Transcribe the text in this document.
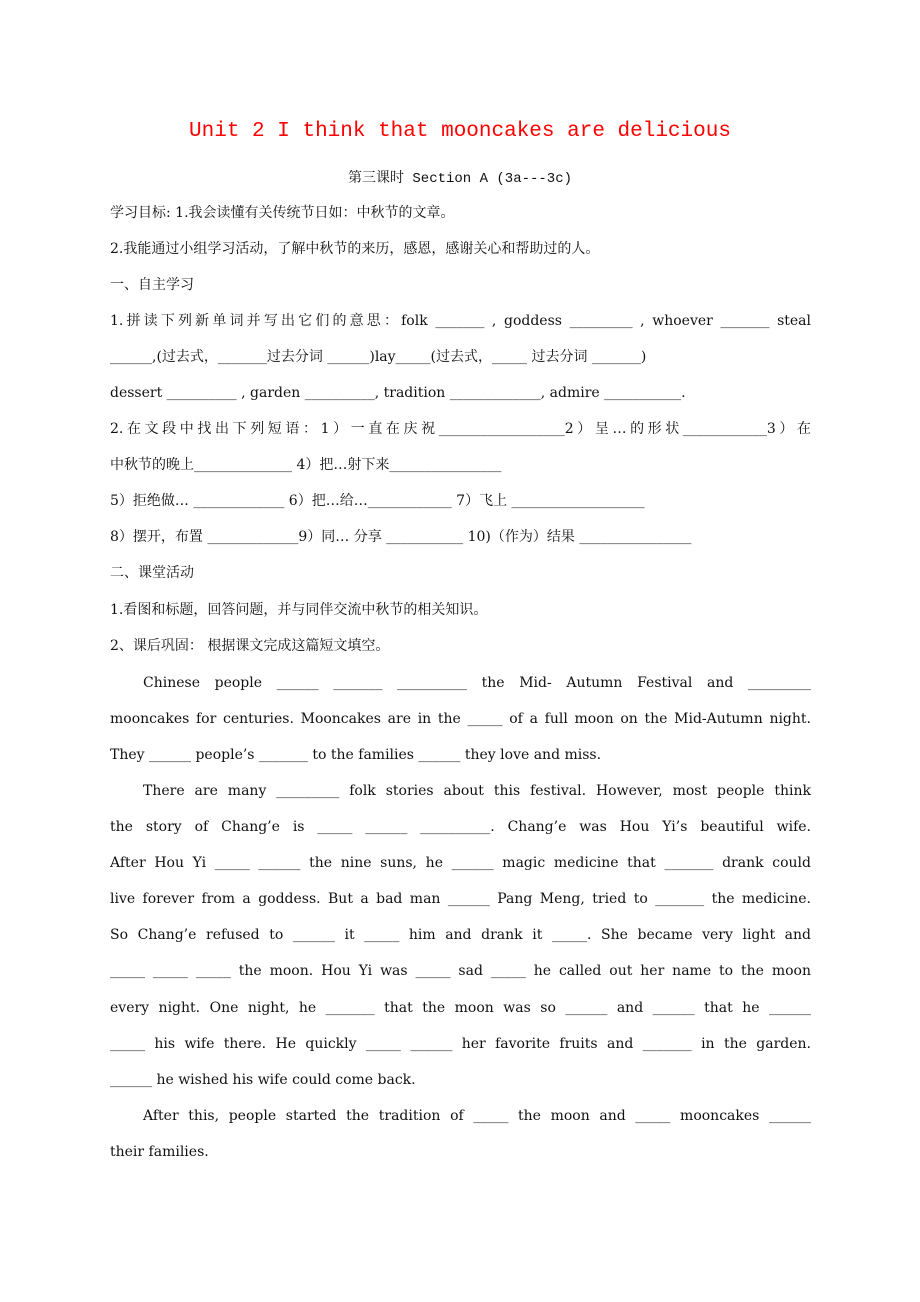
Unit 2 I think that mooncakes are delicious
第三课时 Section A (3a---3c)
学习目标: 1.我会读懂有关传统节日如：中秋节的文章。
2.我能通过小组学习活动，了解中秋节的来历，感恩，感谢关心和帮助过的人。
一、自主学习
1.拼读下列新单词并写出它们的意思：folk _______ , goddess _________ , whoever _______ steal
______,(过去式，_______过去分词 ______)lay_____(过去式，_____ 过去分词 _______)
dessert __________ , garden __________, tradition _____________, admire ___________.
2.在文段中找出下列短语：1）一直在庆祝__________________2）呈…的形状____________3）在
中秋节的晚上______________ 4）把…射下来________________
5）拒绝做… _____________ 6）把…给…____________ 7）飞上 ___________________
8）摆开，布置 _____________9）同… 分享 ___________ 10)（作为）结果 ________________
二、课堂活动
1.看图和标题，回答问题，并与同伴交流中秋节的相关知识。
2、课后巩固： 根据课文完成这篇短文填空。
Chinese people ______ _______ __________ the Mid- Autumn Festival and _________
mooncakes for centuries. Mooncakes are in the _____ of a full moon on the Mid-Autumn night.
They ______ people’s _______ to the families ______ they love and miss.
There are many _________ folk stories about this festival. However, most people think
the story of Chang’e is _____ ______ __________. Chang’e was Hou Yi’s beautiful wife.
After Hou Yi _____ ______ the nine suns, he ______ magic medicine that _______ drank could
live forever from a goddess. But a bad man ______ Pang Meng, tried to _______ the medicine.
So Chang’e refused to ______ it _____ him and drank it _____. She became very light and
_____ _____ _____ the moon. Hou Yi was _____ sad _____ he called out her name to the moon
every night. One night, he _______ that the moon was so ______ and ______ that he ______
_____ his wife there. He quickly _____ ______ her favorite fruits and _______ in the garden.
______ he wished his wife could come back.
After this, people started the tradition of _____ the moon and _____ mooncakes ______
their families.
